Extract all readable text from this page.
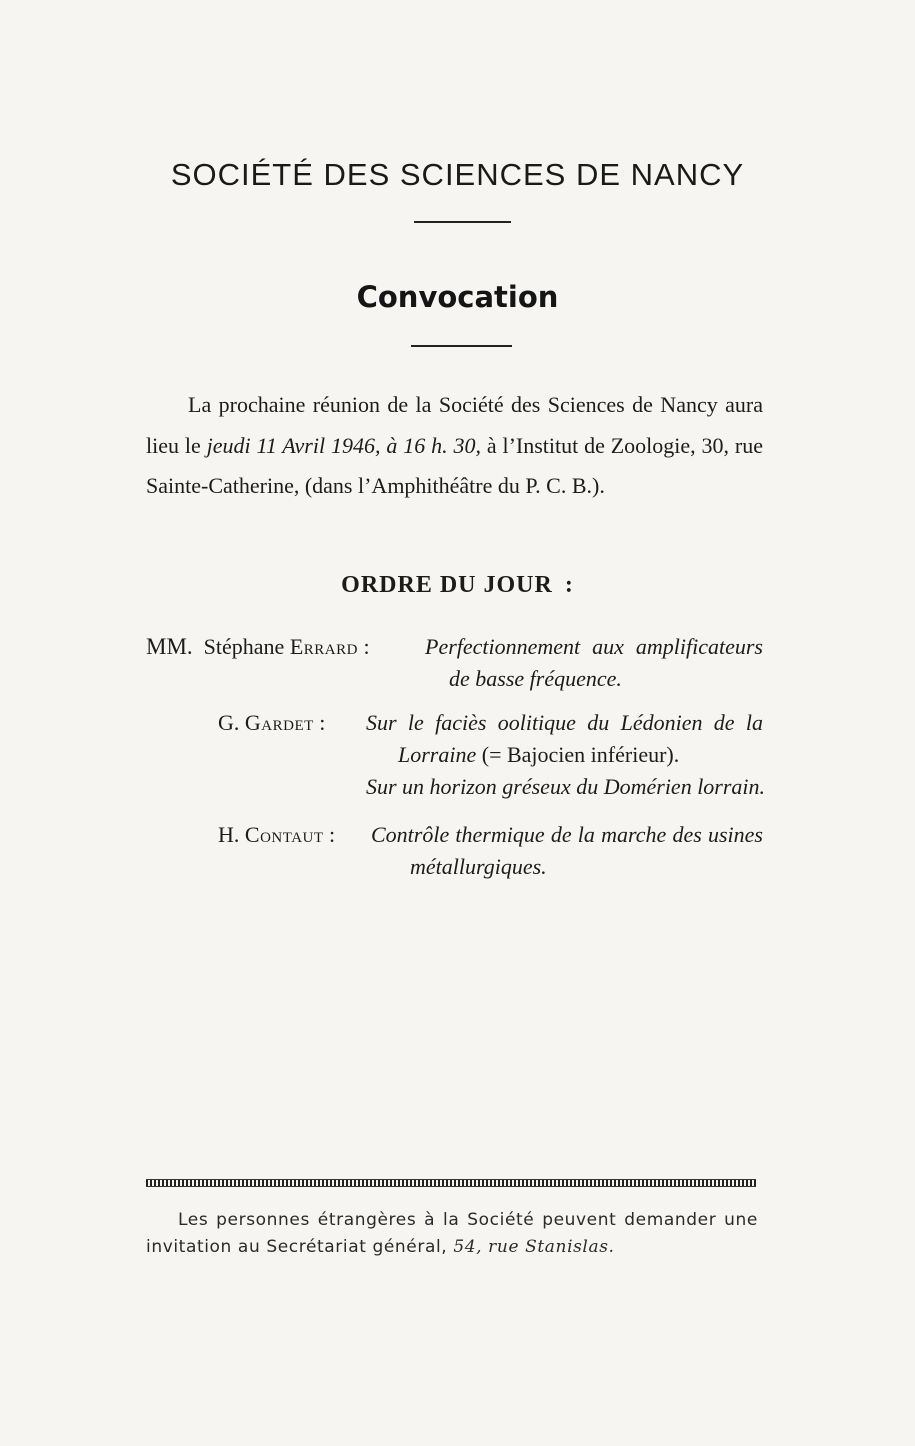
SOCIÉTÉ DES SCIENCES DE NANCY
Convocation

La prochaine réunion de la Société des Sciences de Nancy aura lieu le jeudi 11 Avril 1946, à 16 h. 30, à l’Institut de Zoologie, 30, rue Sainte-Catherine, (dans l’Amphithéâtre du P. C. B.).

ORDRE DU JOUR :
MM. Stéphane Errard :	Perfectionnement aux amplificateurs
de basse fréquence.
G. Gardet : Sur le faciès oolitique du Lédonien de la
Lorraine (= Bajocien inférieur).
Sur un horizon gréseux du Domérien lorrain.
H. Contaut : Contrôle thermique de la marche des usines
métallurgiques.

Les personnes étrangères à la Société peuvent demander une invitation au Secrétariat général, 54, rue Stanislas.
